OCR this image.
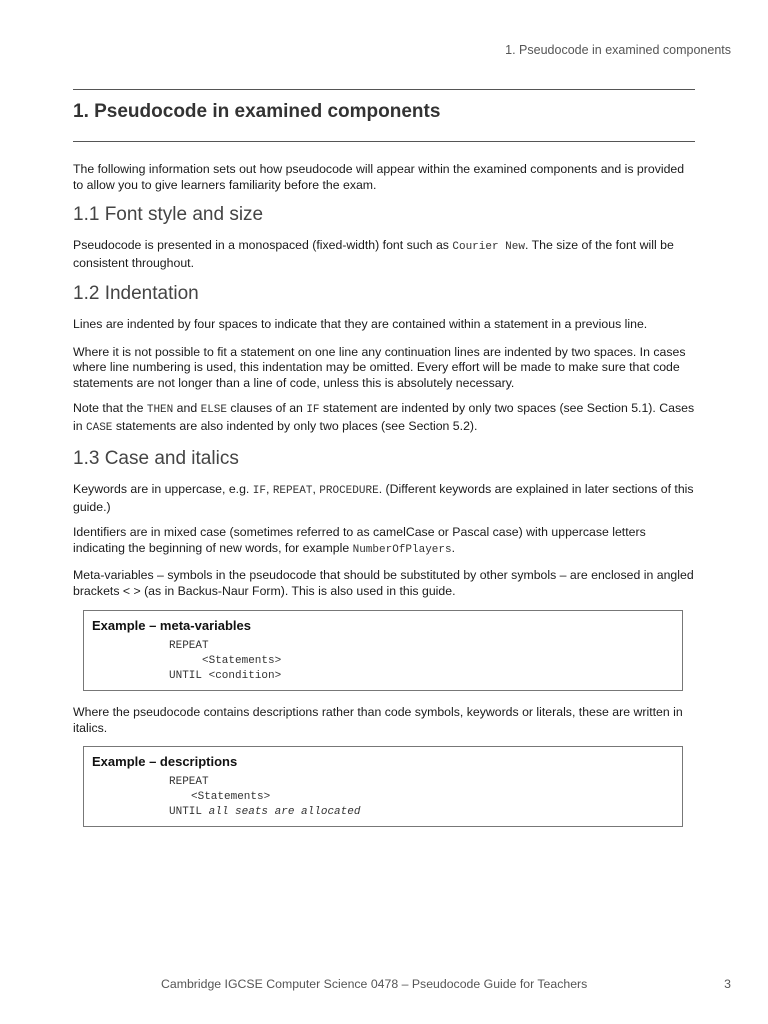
1. Pseudocode in examined components
1. Pseudocode in examined components

The following information sets out how pseudocode will appear within the examined components and is provided to allow you to give learners familiarity before the exam.

1.1 Font style and size

Pseudocode is presented in a monospaced (fixed-width) font such as Courier New. The size of the font will be consistent throughout.

1.2 Indentation

Lines are indented by four spaces to indicate that they are contained within a statement in a previous line.

Where it is not possible to fit a statement on one line any continuation lines are indented by two spaces. In cases where line numbering is used, this indentation may be omitted. Every effort will be made to make sure that code statements are not longer than a line of code, unless this is absolutely necessary.

Note that the THEN and ELSE clauses of an IF statement are indented by only two spaces (see Section 5.1). Cases in CASE statements are also indented by only two places (see Section 5.2).

1.3 Case and italics

Keywords are in uppercase, e.g. IF, REPEAT, PROCEDURE. (Different keywords are explained in later sections of this guide.)

Identifiers are in mixed case (sometimes referred to as camelCase or Pascal case) with uppercase letters indicating the beginning of new words, for example NumberOfPlayers.

Meta-variables – symbols in the pseudocode that should be substituted by other symbols – are enclosed in angled brackets < > (as in Backus-Naur Form). This is also used in this guide.

Example – meta-variables
REPEAT
<Statements>
UNTIL <condition>

Where the pseudocode contains descriptions rather than code symbols, keywords or literals, these are written in italics.

Example – descriptions
REPEAT
<Statements>
UNTIL all seats are allocated
Cambridge IGCSE Computer Science 0478 – Pseudocode Guide for Teachers	3
